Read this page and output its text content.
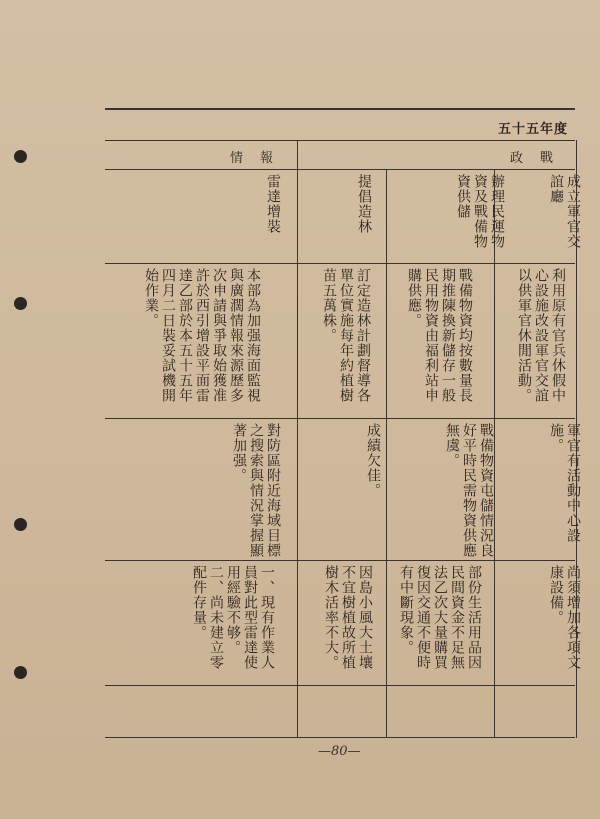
五十五年度
政　戰
情　報
成立軍官交誼廳
辦理民運物資及戰備物資供儲
提倡造林
雷達增裝
利用原有官兵休假中心設施改設軍官交誼以供軍官休閒活動。
戰備物資均按數量長期推陳換新儲存一般民用物資由福利站申購供應。
訂定造林計劃督導各單位實施每年約植樹苗五萬株。
本部為加强海面監視與廣濶情報來源歷多次申請與爭取始獲准許於西引增設平面雷達乙部於本五十五年四月二日裝妥試機開始作業。
軍官有活動中心設施。
戰備物資屯儲情況良好平時民需物資供應無虞。
成績欠佳。
對防區附近海域目標之搜索與情況掌握顯著加强。
尚須增加各項文康設備。
部份生活用品因民間資金不足無法乙次大量購買復因交通不便時有中斷現象。
因島小風大土壤不宜樹植故所植樹木活率不大。
一、現有作業人員對此型雷達使用經驗不够。 二、尚未建立零配件存量。
—80—
